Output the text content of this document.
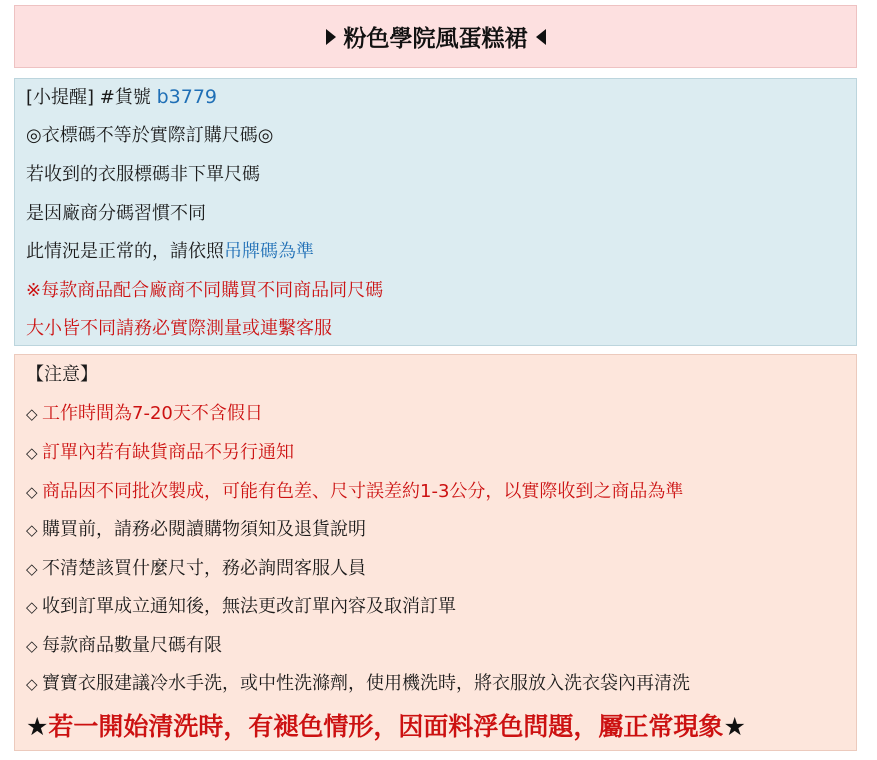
粉色學院風蛋糕裙
[小提醒] #貨號 b3779
◎衣標碼不等於實際訂購尺碼◎
若收到的衣服標碼非下單尺碼
是因廠商分碼習慣不同
此情況是正常的，請依照吊牌碼為準
※每款商品配合廠商不同購買不同商品同尺碼
大小皆不同請務必實際測量或連繫客服
【注意】
◇ 工作時間為7-20天不含假日
◇ 訂單內若有缺貨商品不另行通知
◇ 商品因不同批次製成，可能有色差、尺寸誤差約1-3公分，以實際收到之商品為準
◇ 購買前，請務必閱讀購物須知及退貨說明
◇ 不清楚該買什麼尺寸，務必詢問客服人員
◇ 收到訂單成立通知後，無法更改訂單內容及取消訂單
◇ 每款商品數量尺碼有限
◇ 寶寶衣服建議冷水手洗，或中性洗滌劑，使用機洗時，將衣服放入洗衣袋內再清洗
★若一開始清洗時，有褪色情形，因面料浮色問題，屬正常現象★
